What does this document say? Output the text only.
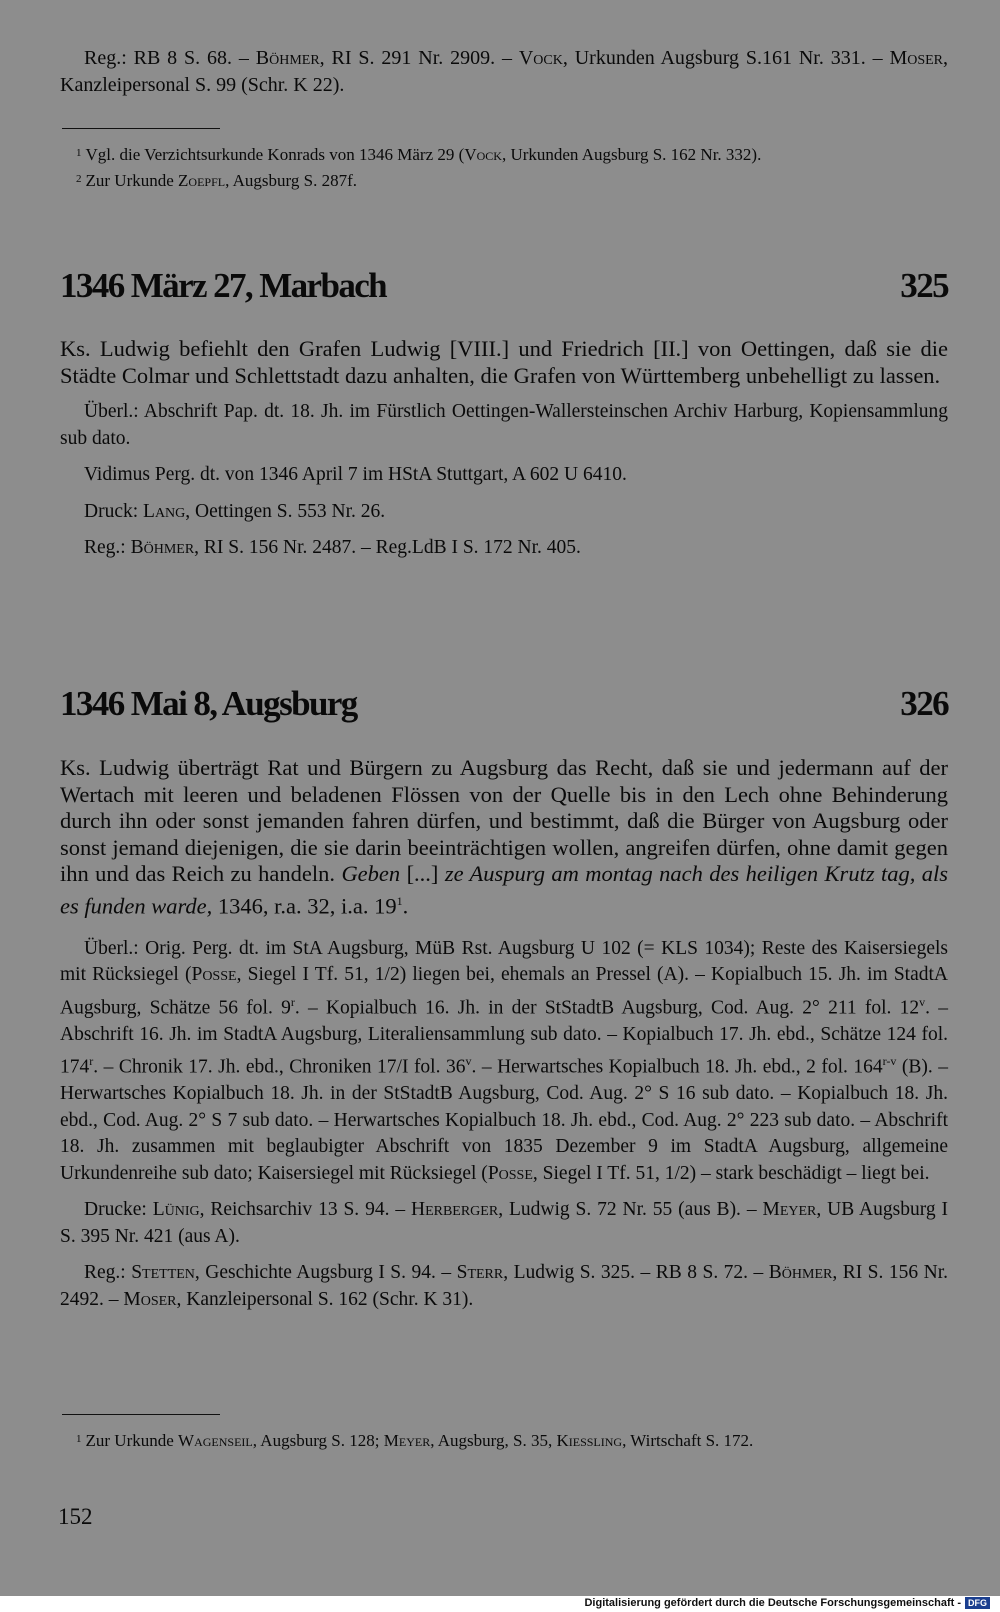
Reg.: RB 8 S. 68. – Böhmer, RI S. 291 Nr. 2909. – Vock, Urkunden Augsburg S.161 Nr. 331. – Moser, Kanzleipersonal S. 99 (Schr. K 22).

$^1$ Vgl. die Verzichtsurkunde Konrads von 1346 März 29 (Vock, Urkunden Augsburg S. 162 Nr. 332).

$^2$ Zur Urkunde Zoepfl, Augsburg S. 287f.

1346 März 27, Marbach	325

Ks. Ludwig befiehlt den Grafen Ludwig [VIII.] und Friedrich [II.] von Oettingen, daß sie die Städte Colmar und Schlettstadt dazu anhalten, die Grafen von Württemberg unbehelligt zu lassen.

Überl.: Abschrift Pap. dt. 18. Jh. im Fürstlich Oettingen-Wallersteinschen Archiv Harburg, Kopiensammlung sub dato.

Vidimus Perg. dt. von 1346 April 7 im HStA Stuttgart, A 602 U 6410.

Druck: Lang, Oettingen S. 553 Nr. 26.

Reg.: Böhmer, RI S. 156 Nr. 2487. – Reg.LdB I S. 172 Nr. 405.

1346 Mai 8, Augsburg	326

Ks. Ludwig überträgt Rat und Bürgern zu Augsburg das Recht, daß sie und jedermann auf der Wertach mit leeren und beladenen Flössen von der Quelle bis in den Lech ohne Behinderung durch ihn oder sonst jemanden fahren dürfen, und bestimmt, daß die Bürger von Augsburg oder sonst jemand diejenigen, die sie darin beeinträchtigen wollen, angreifen dürfen, ohne damit gegen ihn und das Reich zu handeln. Geben [...] ze Auspurg am montag nach des heiligen Krutz tag, als es funden warde, 1346, r.a. 32, i.a. $19^1$.

Überl.: Orig. Perg. dt. im StA Augsburg, MüB Rst. Augsburg U 102 (= KLS 1034); Reste des Kaisersiegels mit Rücksiegel (Posse, Siegel I Tf. 51, 1/2) liegen bei, ehemals an Pressel (A). – Kopialbuch 15. Jh. im StadtA Augsburg, Schätze 56 fol. 9$^r$. – Kopialbuch 16. Jh. in der StStadtB Augsburg, Cod. Aug. 2° 211 fol. 12$^v$. – Abschrift 16. Jh. im StadtA Augsburg, Literaliensammlung sub dato. – Kopialbuch 17. Jh. ebd., Schätze 124 fol. 174$^r$. – Chronik 17. Jh. ebd., Chroniken 17/I fol. 36$^v$. – Herwartsches Kopialbuch 18. Jh. ebd., 2 fol. 164$^{r-v}$ (B). – Herwartsches Kopialbuch 18. Jh. in der StStadtB Augsburg, Cod. Aug. 2° S 16 sub dato. – Kopialbuch 18. Jh. ebd., Cod. Aug. 2° S 7 sub dato. – Herwartsches Kopialbuch 18. Jh. ebd., Cod. Aug. 2° 223 sub dato. – Abschrift 18. Jh. zusammen mit beglaubigter Abschrift von 1835 Dezember 9 im StadtA Augsburg, allgemeine Urkundenreihe sub dato; Kaisersiegel mit Rücksiegel (Posse, Siegel I Tf. 51, 1/2) – stark beschädigt – liegt bei.

Drucke: Lünig, Reichsarchiv 13 S. 94. – Herberger, Ludwig S. 72 Nr. 55 (aus B). – Meyer, UB Augsburg I S. 395 Nr. 421 (aus A).

Reg.: Stetten, Geschichte Augsburg I S. 94. – Sterr, Ludwig S. 325. – RB 8 S. 72. – Böhmer, RI S. 156 Nr. 2492. – Moser, Kanzleipersonal S. 162 (Schr. K 31).

$^1$ Zur Urkunde Wagenseil, Augsburg S. 128; Meyer, Augsburg, S. 35, Kiessling, Wirtschaft S. 172.

152
Digitalisierung gefördert durch die Deutsche Forschungsgemeinschaft - DFG
